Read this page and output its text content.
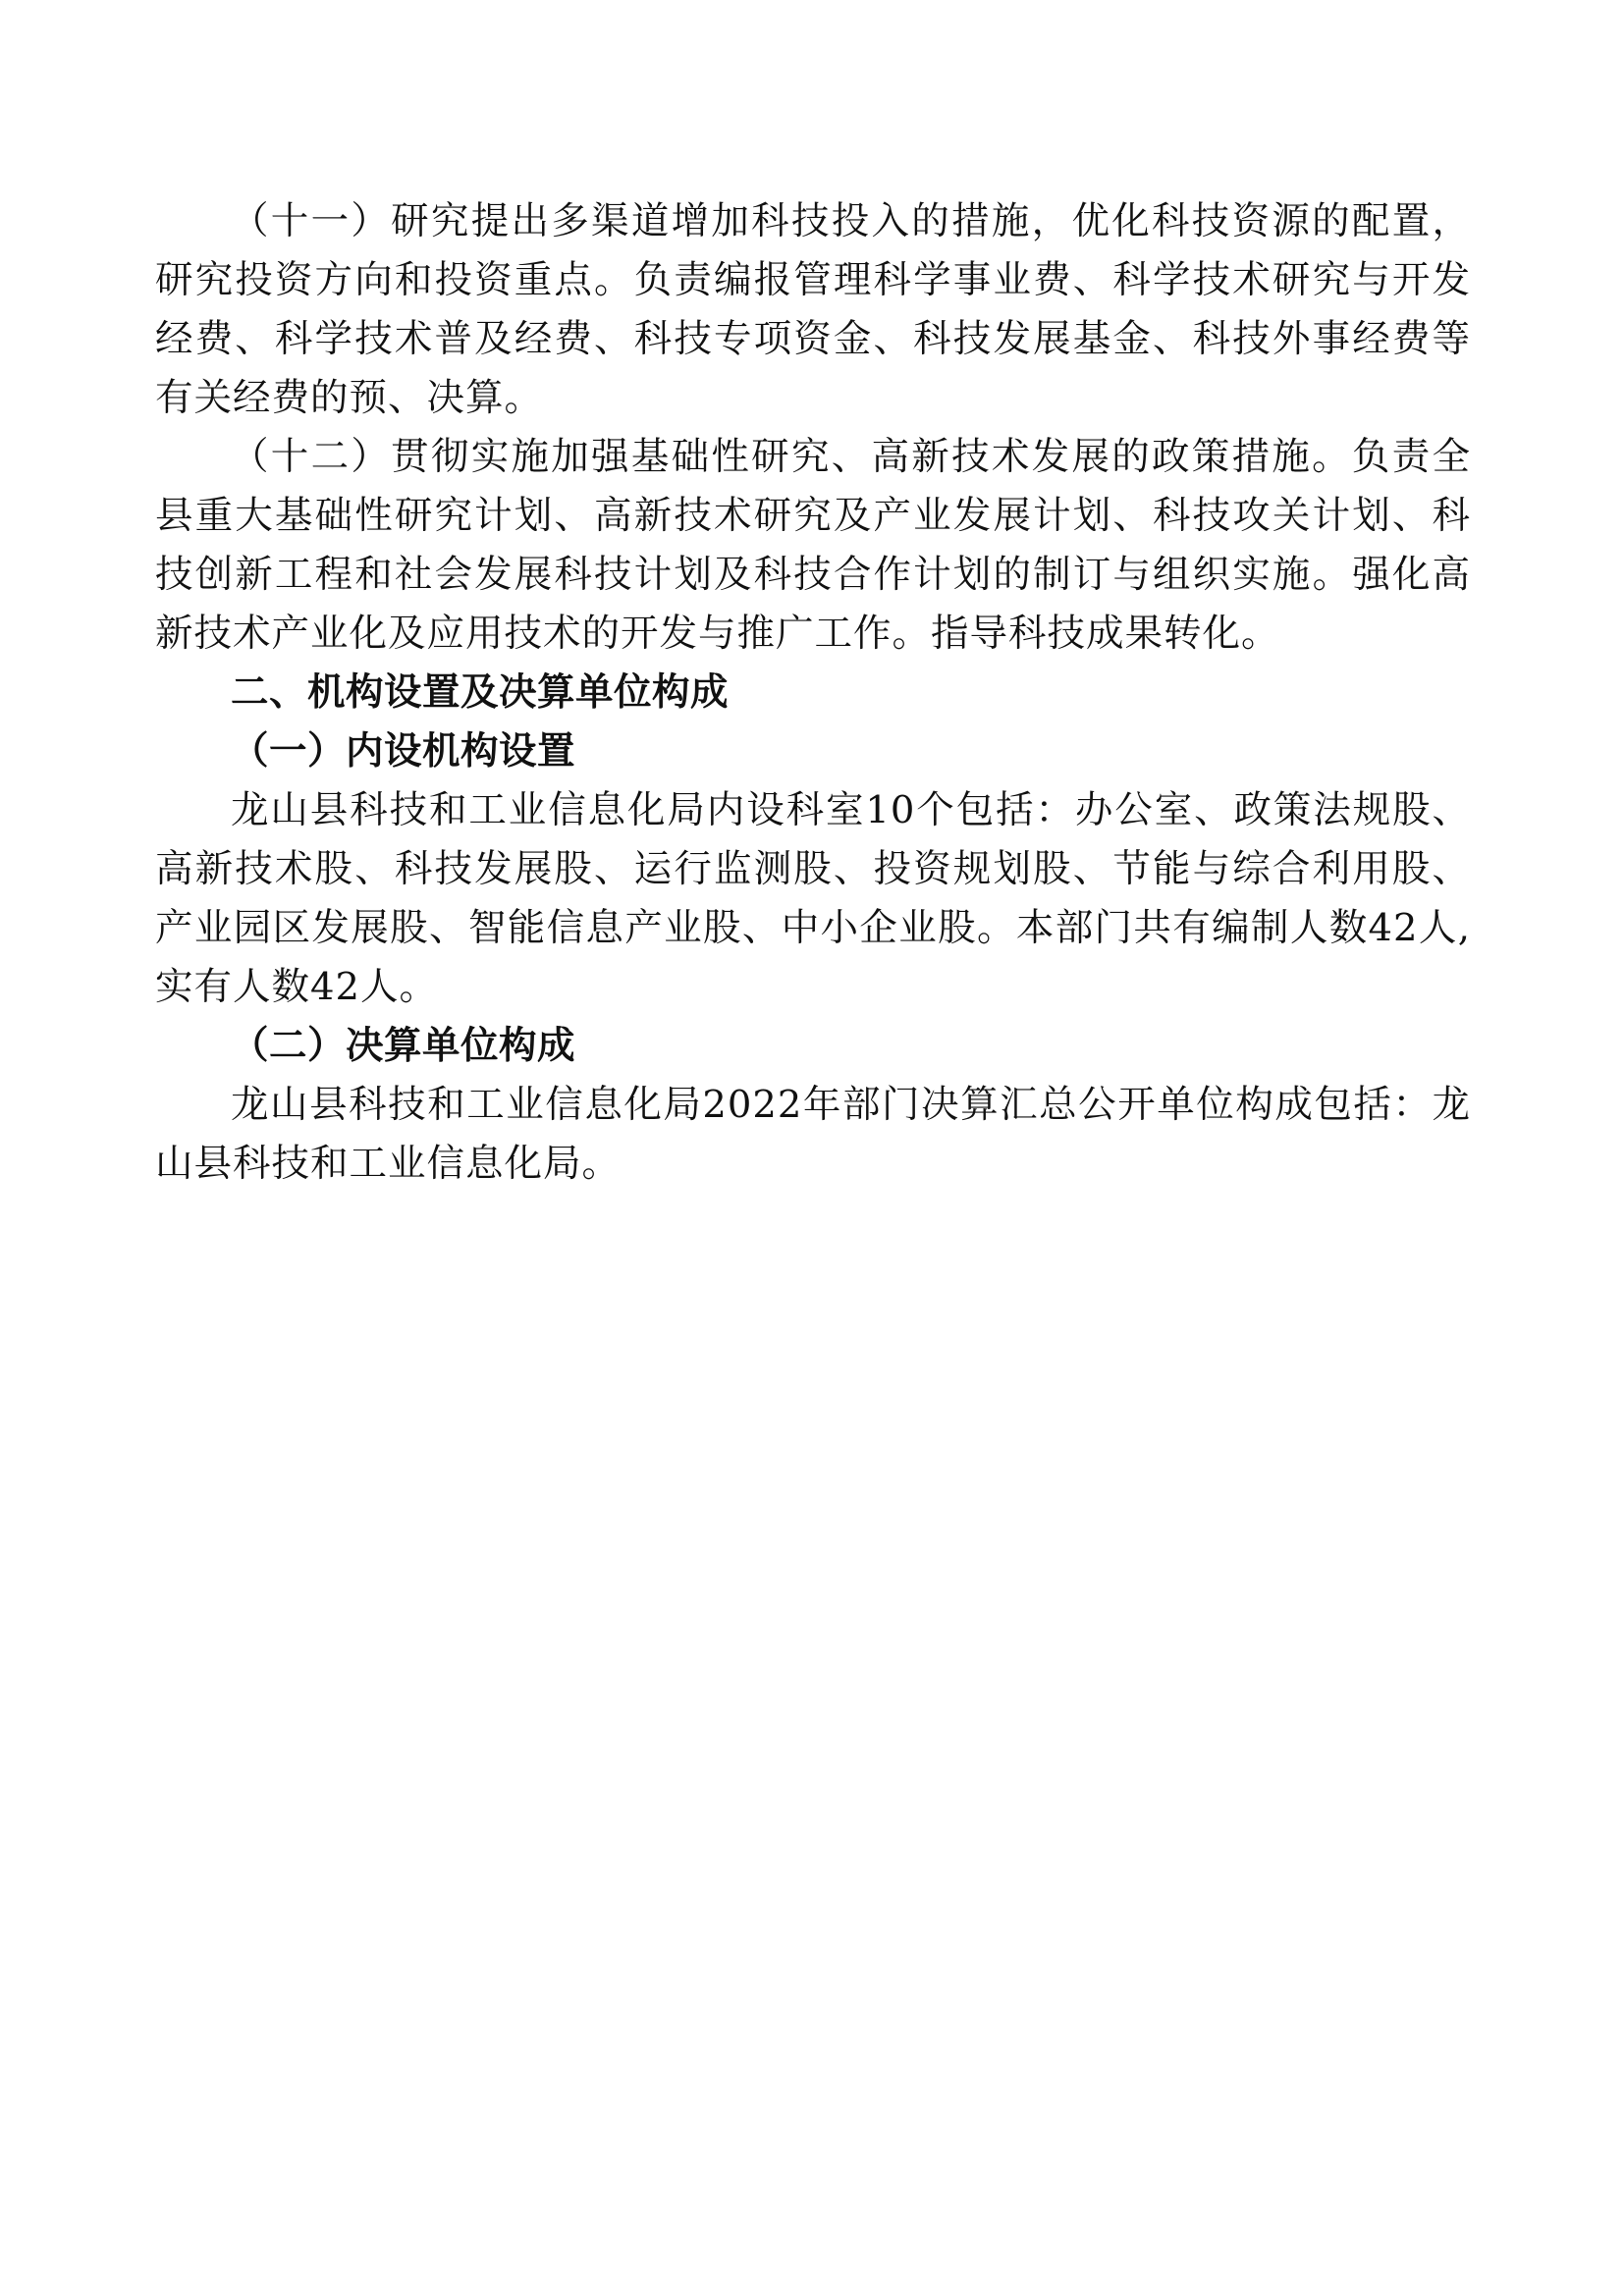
（十一）研究提出多渠道增加科技投入的措施，优化科技资源的配置，研究投资方向和投资重点。负责编报管理科学事业费、科学技术研究与开发经费、科学技术普及经费、科技专项资金、科技发展基金、科技外事经费等有关经费的预、决算。

（十二）贯彻实施加强基础性研究、高新技术发展的政策措施。负责全县重大基础性研究计划、高新技术研究及产业发展计划、科技攻关计划、科技创新工程和社会发展科技计划及科技合作计划的制订与组织实施。强化高新技术产业化及应用技术的开发与推广工作。指导科技成果转化。

二、机构设置及决算单位构成

（一）内设机构设置

龙山县科技和工业信息化局内设科室10个包括：办公室、政策法规股、高新技术股、科技发展股、运行监测股、投资规划股、节能与综合利用股、产业园区发展股、智能信息产业股、中小企业股。本部门共有编制人数42人,实有人数42人。

（二）决算单位构成

龙山县科技和工业信息化局2022年部门决算汇总公开单位构成包括：龙山县科技和工业信息化局。
